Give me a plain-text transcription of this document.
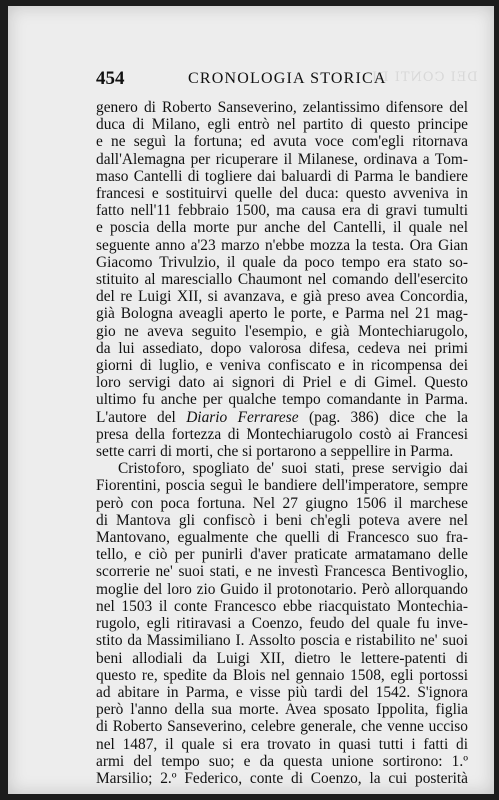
DEI CONTI DI
454	CRONOLOGIA STORICA

genero di Roberto Sanseverino, zelantissimo difensore del

duca di Milano, egli entrò nel partito di questo principe

e ne seguì la fortuna; ed avuta voce com'egli ritornava

dall'Alemagna per ricuperare il Milanese, ordinava a Tom-

maso Cantelli di togliere dai baluardi di Parma le bandiere

francesi e sostituirvi quelle del duca: questo avveniva in

fatto nell'11 febbraio 1500, ma causa era di gravi tumulti

e poscia della morte pur anche del Cantelli, il quale nel

seguente anno a'23 marzo n'ebbe mozza la testa. Ora Gian

Giacomo Trivulzio, il quale da poco tempo era stato so-

stituito al maresciallo Chaumont nel comando dell'esercito

del re Luigi XII, si avanzava, e già preso avea Concordia,

già Bologna aveagli aperto le porte, e Parma nel 21 mag-

gio ne aveva seguito l'esempio, e già Montechiarugolo,

da lui assediato, dopo valorosa difesa, cedeva nei primi

giorni di luglio, e veniva confiscato e in ricompensa dei

loro servigi dato ai signori di Priel e di Gimel. Questo

ultimo fu anche per qualche tempo comandante in Parma.

L'autore del Diario Ferrarese (pag. 386) dice che la

presa della fortezza di Montechiarugolo costò ai Francesi

sette carri di morti, che si portarono a seppellire in Parma.

Cristoforo, spogliato de' suoi stati, prese servigio dai

Fiorentini, poscia seguì le bandiere dell'imperatore, sempre

però con poca fortuna. Nel 27 giugno 1506 il marchese

di Mantova gli confiscò i beni ch'egli poteva avere nel

Mantovano, egualmente che quelli di Francesco suo fra-

tello, e ciò per punirli d'aver praticate armatamano delle

scorrerie ne' suoi stati, e ne investì Francesca Bentivoglio,

moglie del loro zio Guido il protonotario. Però allorquando

nel 1503 il conte Francesco ebbe riacquistato Montechia-

rugolo, egli ritiravasi a Coenzo, feudo del quale fu inve-

stito da Massimiliano I. Assolto poscia e ristabilito ne' suoi

beni allodiali da Luigi XII, dietro le lettere-patenti di

questo re, spedite da Blois nel gennaio 1508, egli portossi

ad abitare in Parma, e visse più tardi del 1542. S'ignora

però l'anno della sua morte. Avea sposato Ippolita, figlia

di Roberto Sanseverino, celebre generale, che venne ucciso

nel 1487, il quale si era trovato in quasi tutti i fatti di

armi del tempo suo; e da questa unione sortirono: 1.º

Marsilio; 2.º Federico, conte di Coenzo, la cui posterità
